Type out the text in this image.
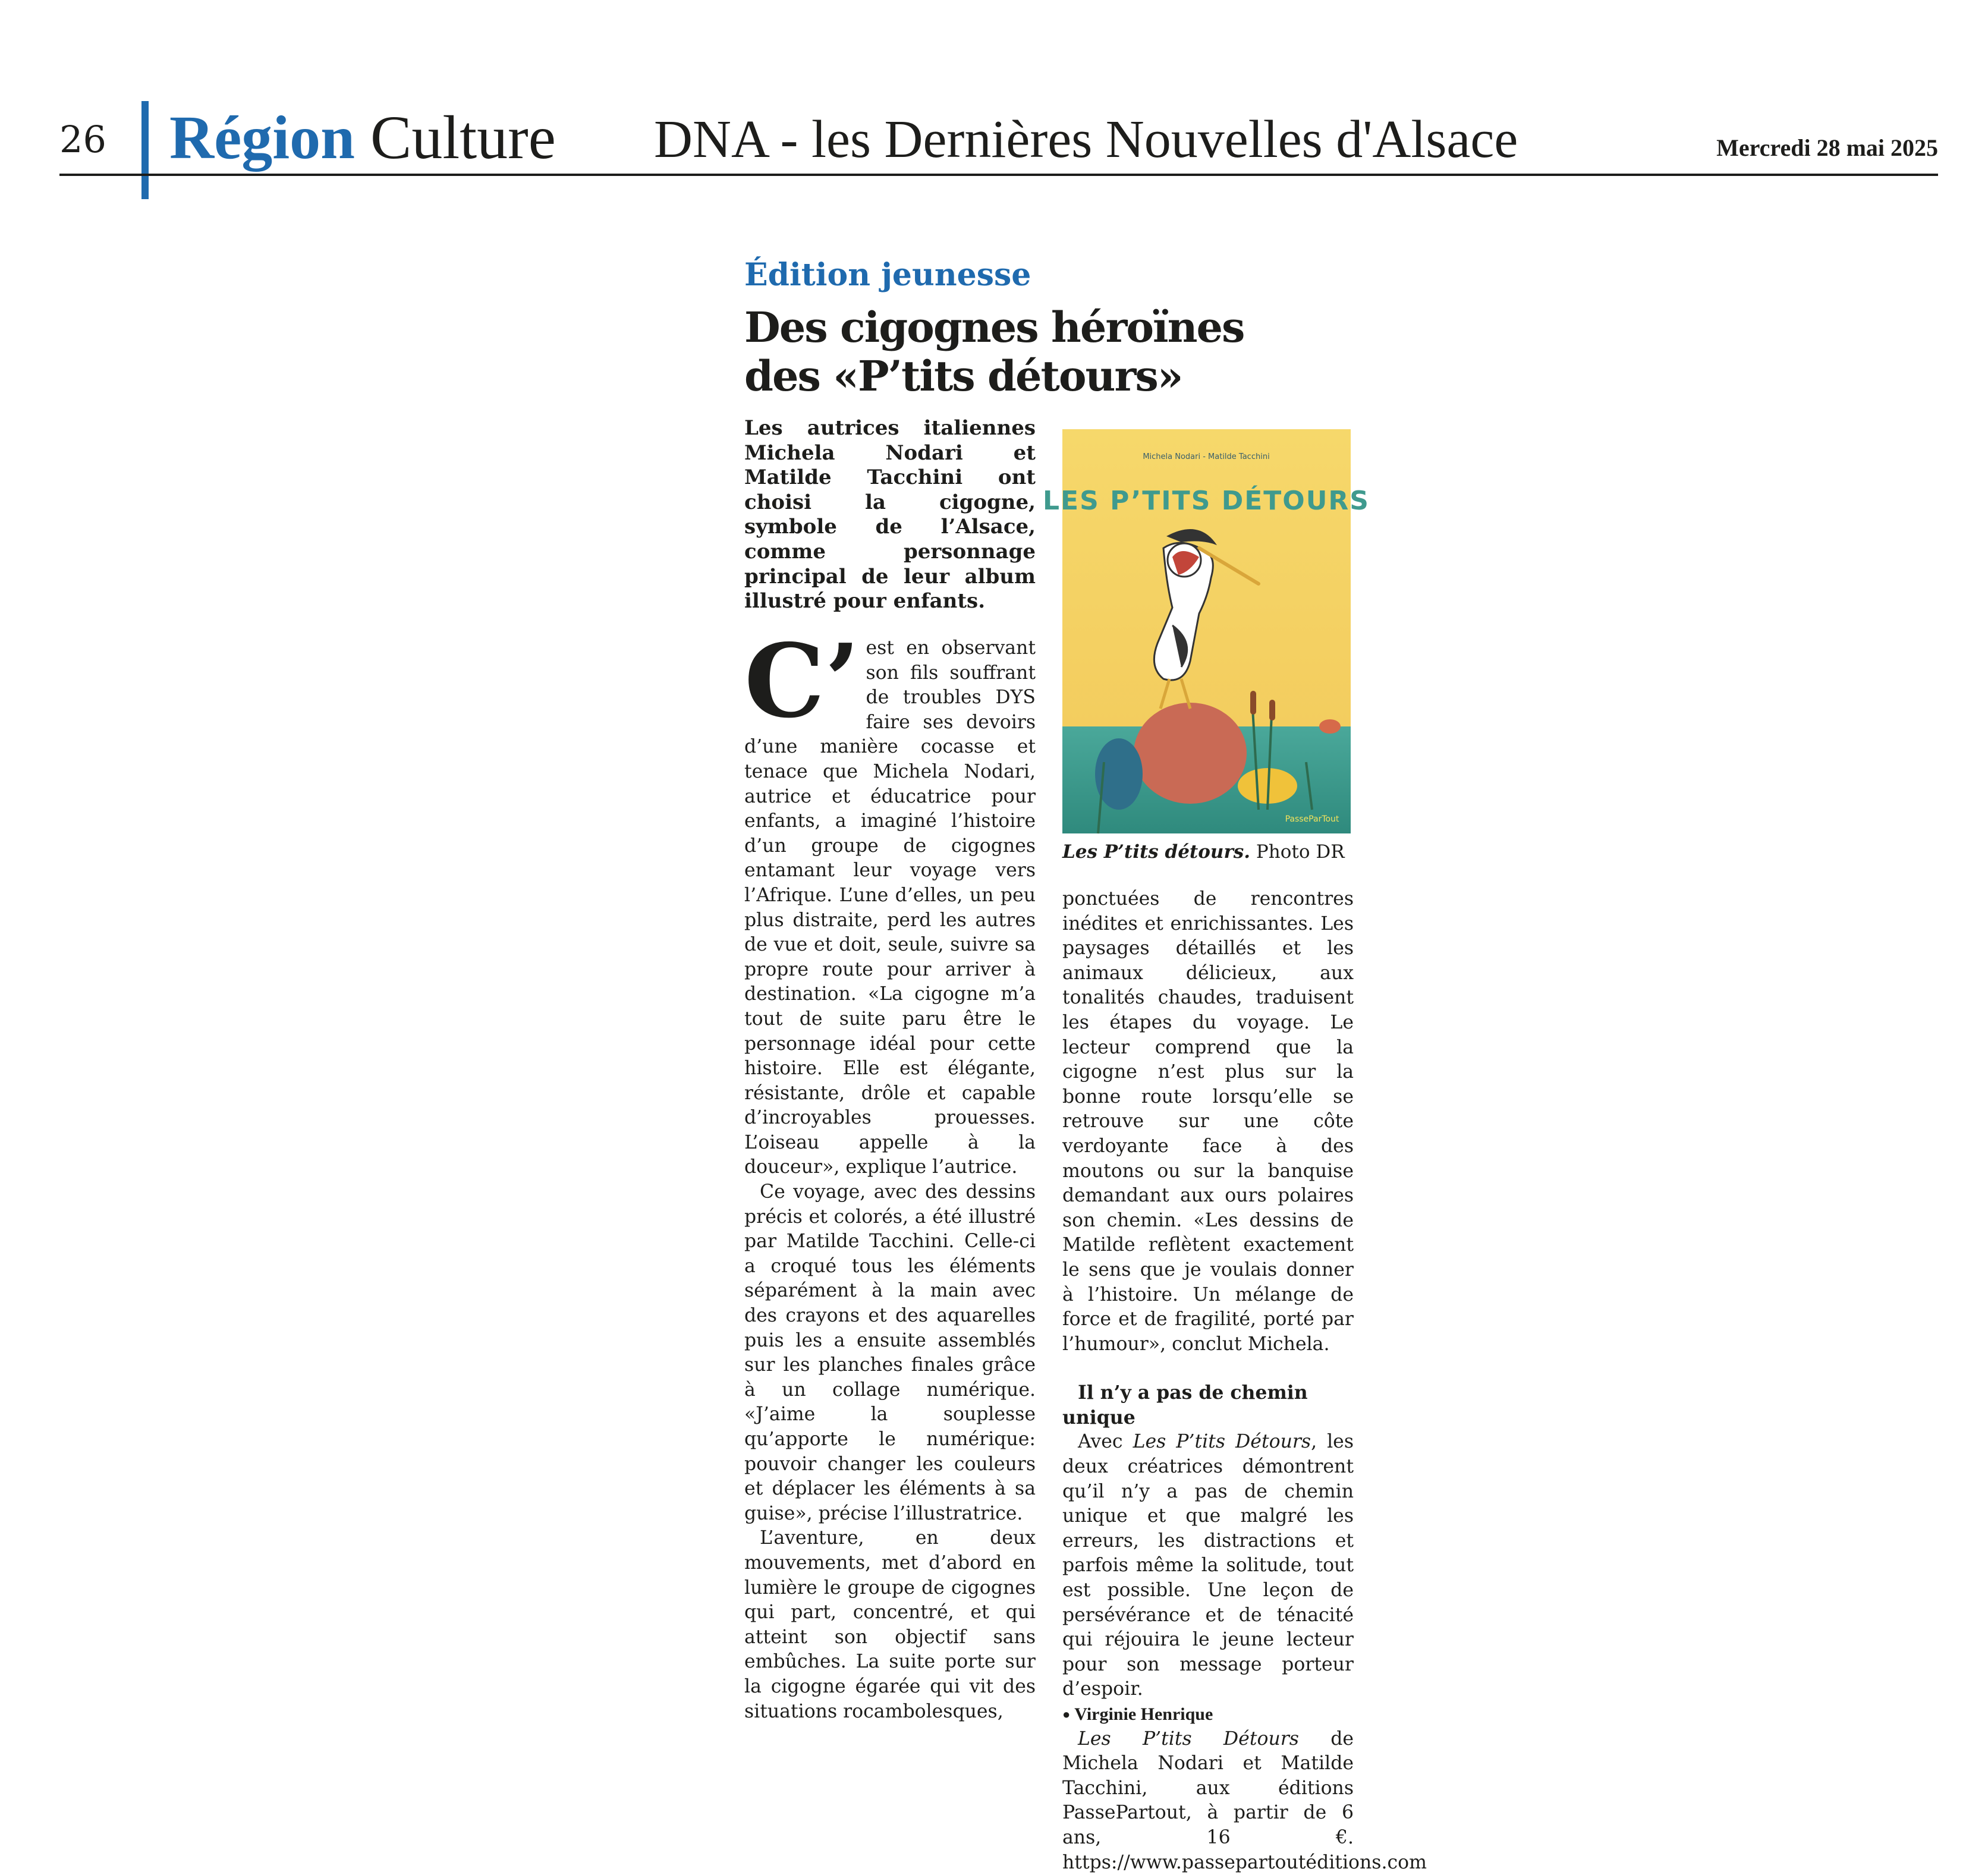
26 Région Culture DNA - les Dernières Nouvelles d'Alsace	Mercredi 28 mai 2025
Édition jeunesse
Des cigognes héroïnes
des «P’tits détours»

Les autrices italiennes Michela Nodari et Matilde Tacchini ont choisi la cigogne, symbole de l’Alsace, comme personnage principal de leur album illustré pour enfants.

C’ est en observant son fils souffrant de troubles DYS faire ses devoirs d’une manière cocasse et tenace que Michela Nodari, autrice et éducatrice pour enfants, a imaginé l’histoire d’un groupe de cigognes entamant leur voyage vers l’Afrique. L’une d’elles, un peu plus distraite, perd les autres de vue et doit, seule, suivre sa propre route pour arriver à destination. «La cigogne m’a tout de suite paru être le personnage idéal pour cette histoire. Elle est élégante, résistante, drôle et capable d’incroyables prouesses. L’oiseau appelle à la douceur», explique l’autrice.

Ce voyage, avec des dessins précis et colorés, a été illustré par Matilde Tacchini. Celle-ci a croqué tous les éléments séparément à la main avec des crayons et des aquarelles puis les a ensuite assemblés sur les planches finales grâce à un collage numérique. «J’aime la souplesse qu’apporte le numérique: pouvoir changer les couleurs et déplacer les éléments à sa guise», précise l’illustratrice.

L’aventure, en deux mouvements, met d’abord en lumière le groupe de cigognes qui part, concentré, et qui atteint son objectif sans embûches. La suite porte sur la cigogne égarée qui vit des situations rocambolesques,

Michela Nodari - Matilde Tacchini
LES P’TITS DÉTOURS
PasseParTout
Les P’tits détours. Photo DR

ponctuées de rencontres inédites et enrichissantes. Les paysages détaillés et les animaux délicieux, aux tonalités chaudes, traduisent les étapes du voyage. Le lecteur comprend que la cigogne n’est plus sur la bonne route lorsqu’elle se retrouve sur une côte verdoyante face à des moutons ou sur la banquise demandant aux ours polaires son chemin. «Les dessins de Matilde reflètent exactement le sens que je voulais donner à l’histoire. Un mélange de force et de fragilité, porté par l’humour», conclut Michela.

Il n’y a pas de chemin unique

Avec Les P’tits Détours, les deux créatrices démontrent qu’il n’y a pas de chemin unique et que malgré les erreurs, les distractions et parfois même la solitude, tout est possible. Une leçon de persévérance et de ténacité qui réjouira le jeune lecteur pour son message porteur d’espoir.

● Virginie Henrique

Les P’tits Détours de Michela Nodari et Matilde Tacchini, aux éditions PassePartout, à partir de 6 ans, 16 €. https://www.passepartoutéditions.com
